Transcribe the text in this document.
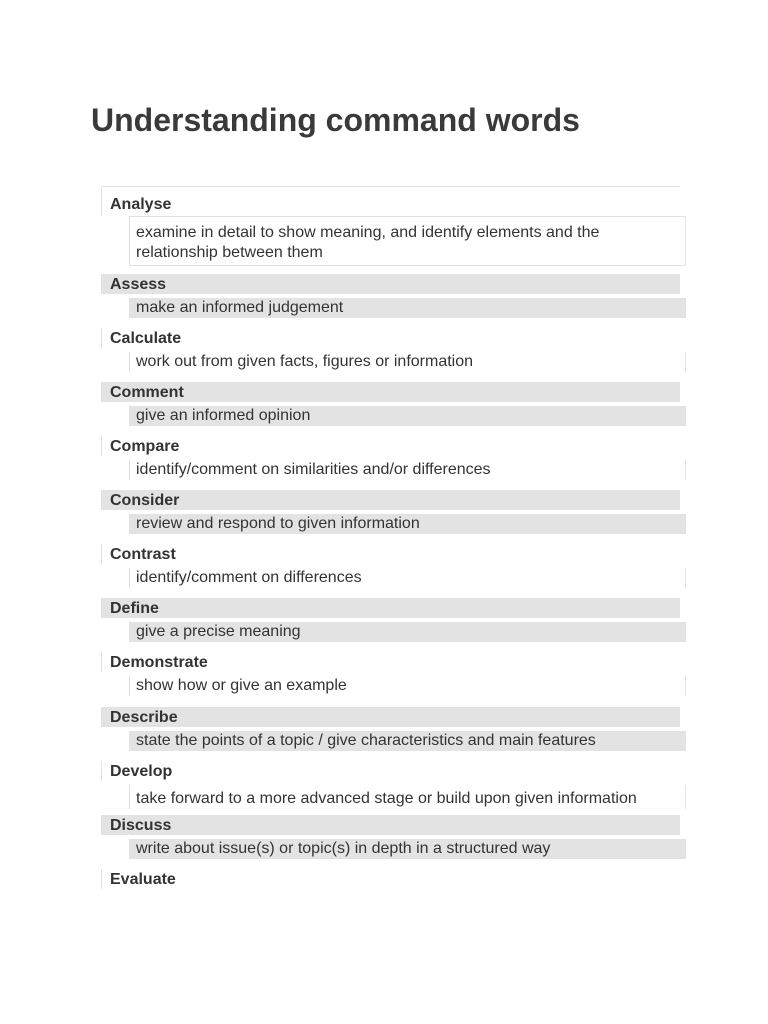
Understanding command words
Analyse
examine in detail to show meaning, and identify elements and the relationship between them
Assess
make an informed judgement
Calculate
work out from given facts, figures or information
Comment
give an informed opinion
Compare
identify/comment on similarities and/or differences
Consider
review and respond to given information
Contrast
identify/comment on differences
Define
give a precise meaning
Demonstrate
show how or give an example
Describe
state the points of a topic / give characteristics and main features
Develop
take forward to a more advanced stage or build upon given information
Discuss
write about issue(s) or topic(s) in depth in a structured way
Evaluate
